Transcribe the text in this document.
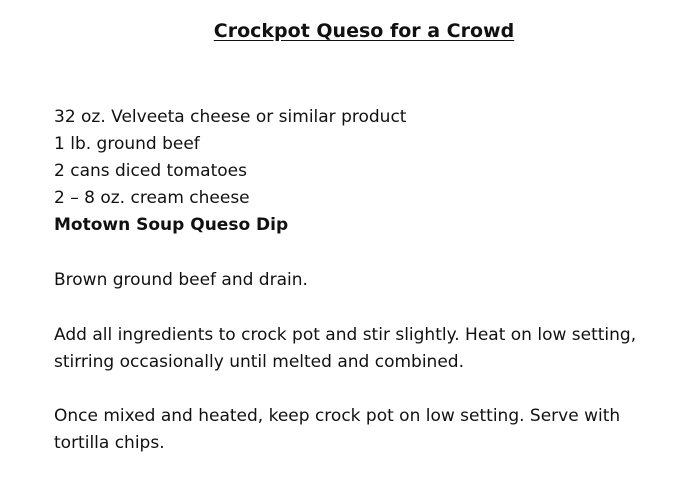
Crockpot Queso for a Crowd
32 oz. Velveeta cheese or similar product
1 lb. ground beef
2 cans diced tomatoes
2 – 8 oz. cream cheese
Motown Soup Queso Dip
Brown ground beef and drain.
Add all ingredients to crock pot and stir slightly. Heat on low setting, stirring occasionally until melted and combined.
Once mixed and heated, keep crock pot on low setting. Serve with tortilla chips.
